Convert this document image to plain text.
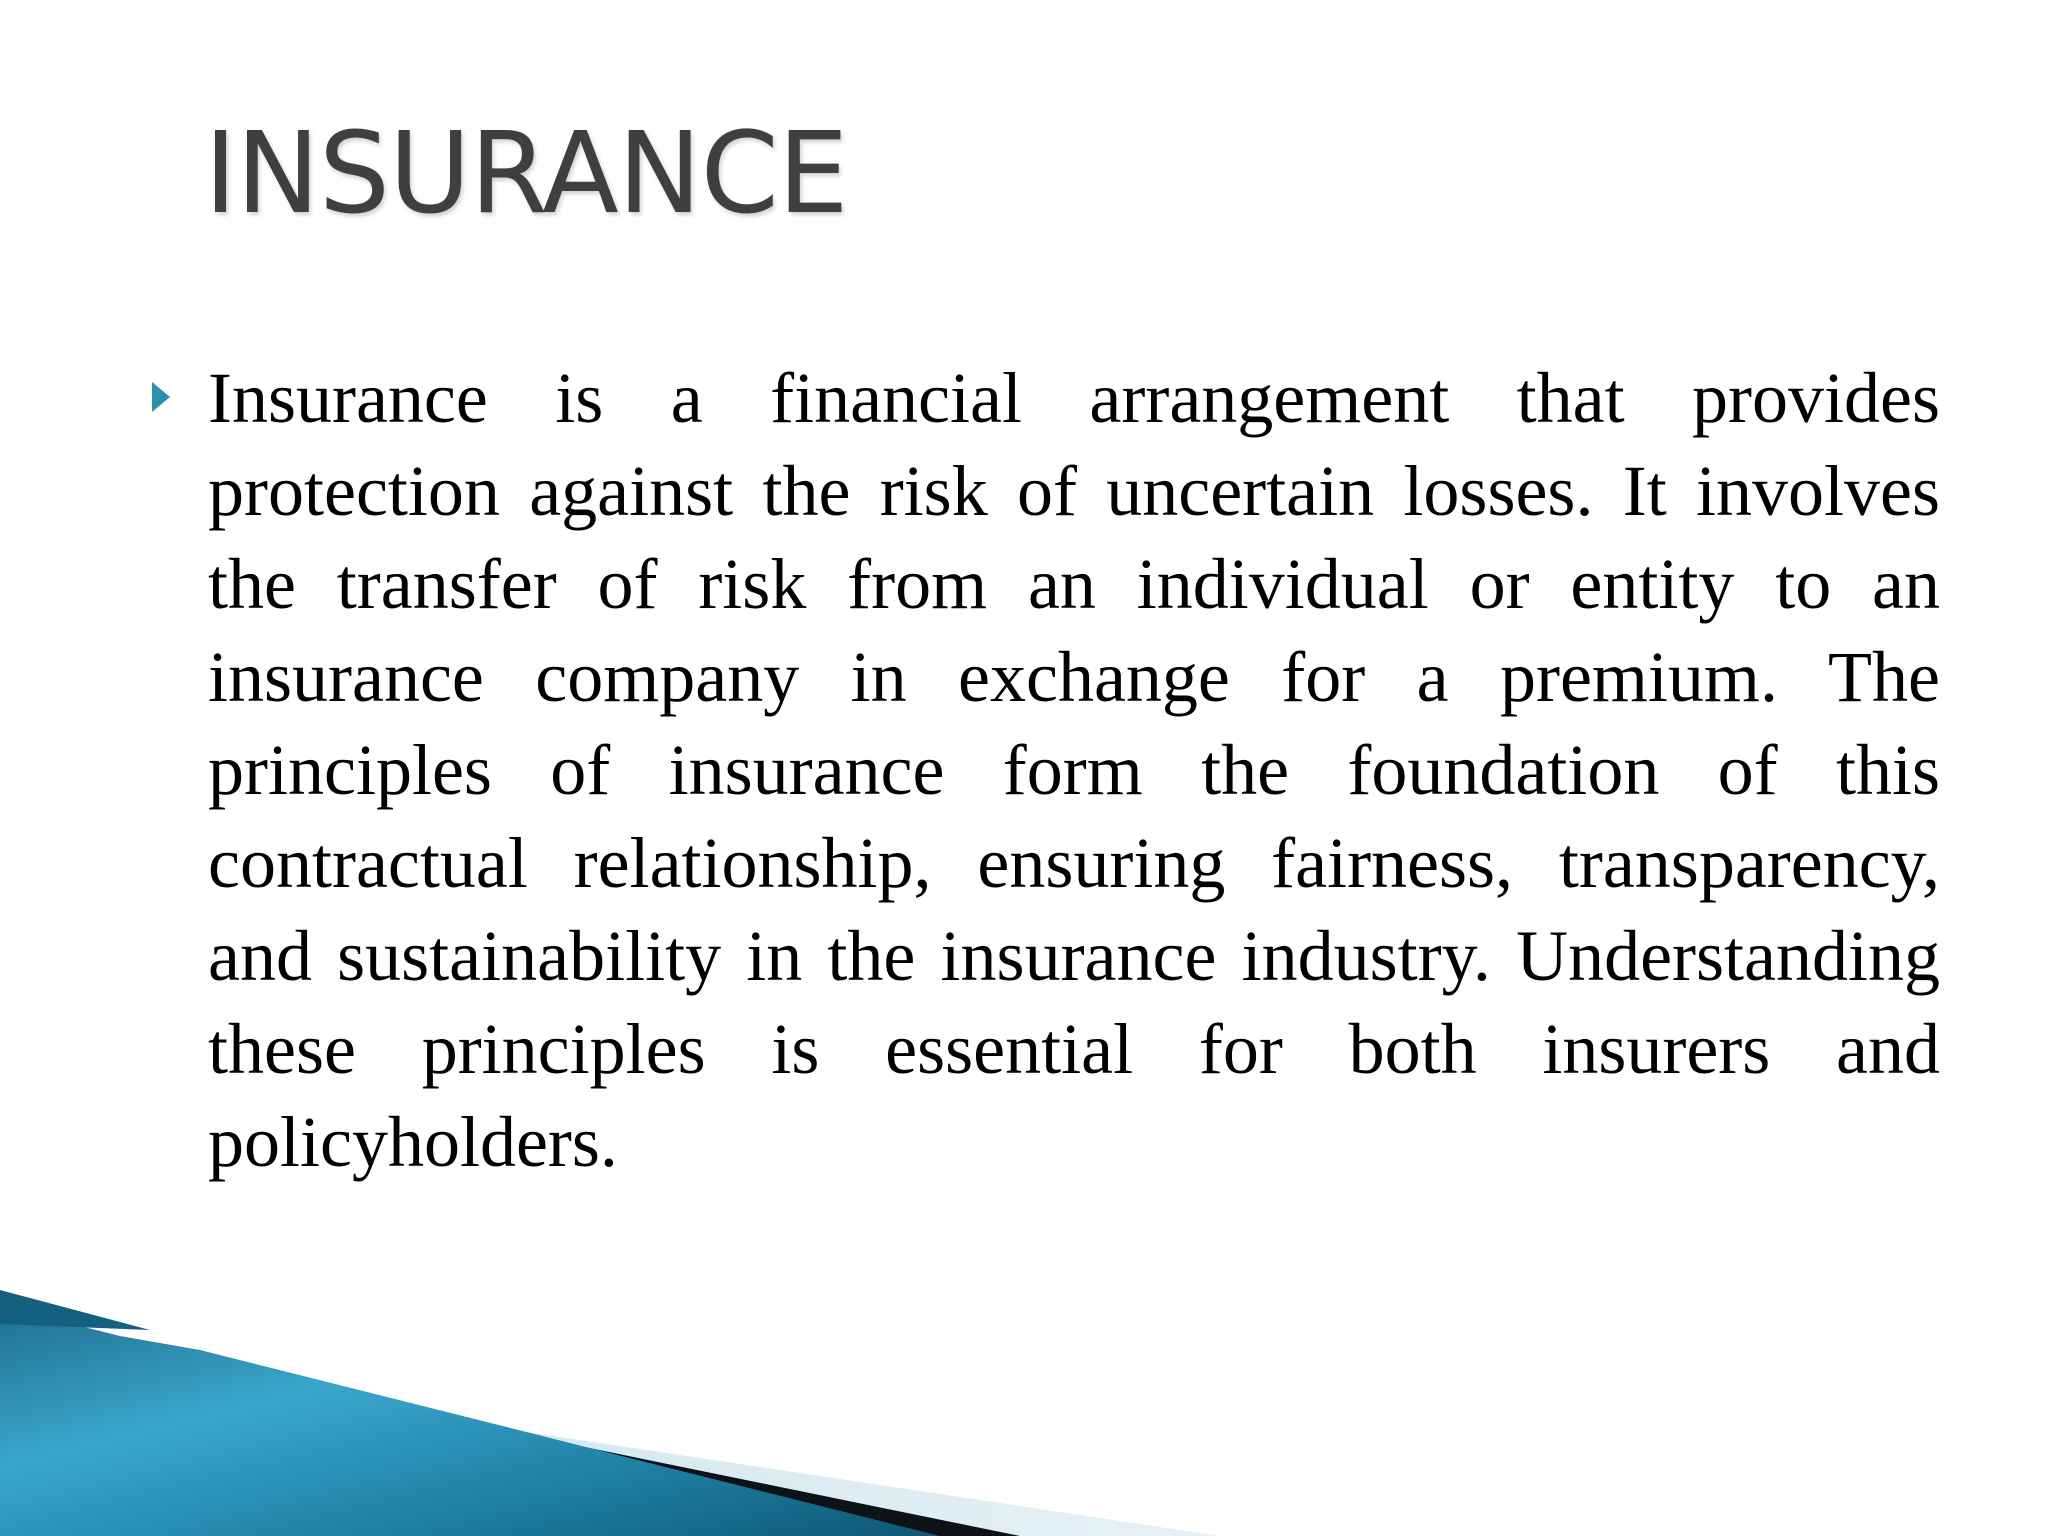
INSURANCE

Insurance is a financial arrangement that provides protection against the risk of uncertain losses. It involves the transfer of risk from an individual or entity to an insurance company in exchange for a premium. The principles of insurance form the foundation of this contractual relationship, ensuring fairness, transparency, and sustainability in the insurance industry. Understanding these principles is essential for both insurers and policyholders.
